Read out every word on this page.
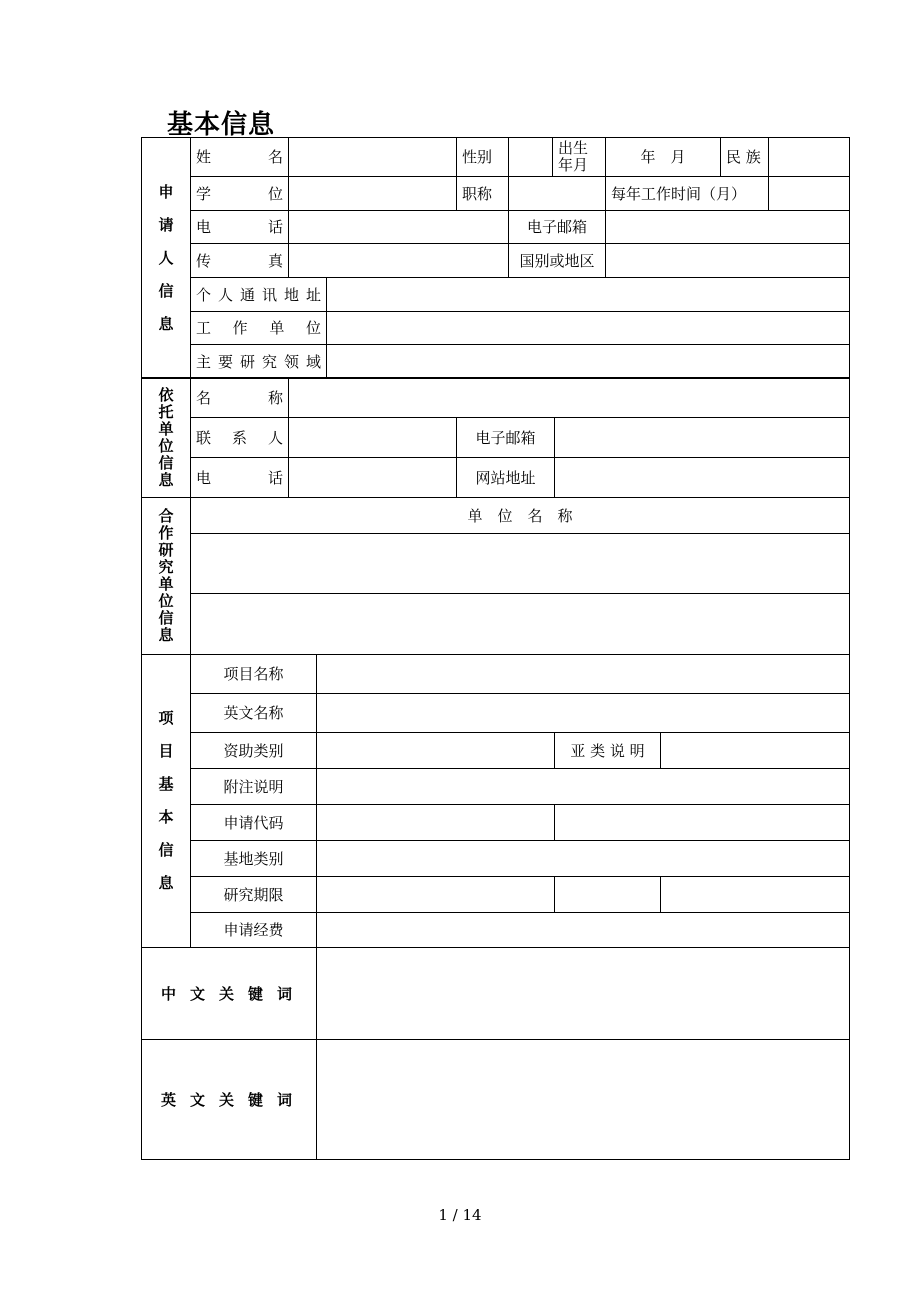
基本信息
申请人信息	姓　　　名			性别		出生年月	年　月	民 族	
	学　　　位			职称			每年工作时间（月）		
	电　　　话				电子邮箱				
	传　　　真				国别或地区				
	个人通讯地址								
	工作单位								
	主要研究领域								
依托单位信息	名　　　称			
	联　系　人		电子邮箱	
	电　　　话		网站地址	
合作研究单位信息	单　位　名　称

项目基本信息	项目名称			
	英文名称			
	资助类别		亚 类 说 明	
	附注说明			
	申请代码			
	基地类别			
	研究期限			
	申请经费			
中文关键词	
英文关键词	
1 / 14
